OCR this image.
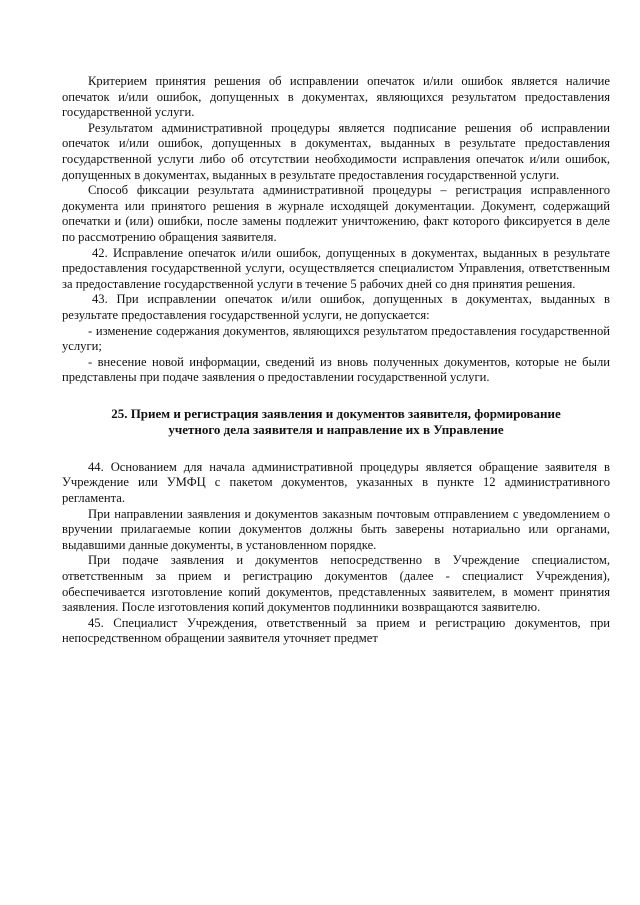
Критерием принятия решения об исправлении опечаток и/или ошибок является наличие опечаток и/или ошибок, допущенных в документах, являющихся результатом предоставления государственной услуги.

Результатом административной процедуры является подписание решения об исправлении опечаток и/или ошибок, допущенных в документах, выданных в результате предоставления государственной услуги либо об отсутствии необходимости исправления опечаток и/или ошибок, допущенных в документах, выданных в результате предоставления государственной услуги.

Способ фиксации результата административной процедуры – регистрация исправленного документа или принятого решения в журнале исходящей документации. Документ, содержащий опечатки и (или) ошибки, после замены подлежит уничтожению, факт которого фиксируется в деле по рассмотрению обращения заявителя.

42. Исправление опечаток и/или ошибок, допущенных в документах, выданных в результате предоставления государственной услуги, осуществляется специалистом Управления, ответственным за предоставление государственной услуги в течение 5 рабочих дней со дня принятия решения.

43. При исправлении опечаток и/или ошибок, допущенных в документах, выданных в результате предоставления государственной услуги, не допускается:

- изменение содержания документов, являющихся результатом предоставления государственной услуги;

- внесение новой информации, сведений из вновь полученных документов, которые не были представлены при подаче заявления о предоставлении государственной услуги.

25. Прием и регистрация заявления и документов заявителя, формирование
учетного дела заявителя и направление их в Управление

44. Основанием для начала административной процедуры является обращение заявителя в Учреждение или УМФЦ с пакетом документов, указанных в пункте 12 административного регламента.

При направлении заявления и документов заказным почтовым отправлением с уведомлением о вручении прилагаемые копии документов должны быть заверены нотариально или органами, выдавшими данные документы, в установленном порядке.

При подаче заявления и документов непосредственно в Учреждение специалистом, ответственным за прием и регистрацию документов (далее - специалист Учреждения), обеспечивается изготовление копий документов, представленных заявителем, в момент принятия заявления. После изготовления копий документов подлинники возвращаются заявителю.

45. Специалист Учреждения, ответственный за прием и регистрацию документов, при непосредственном обращении заявителя уточняет предмет
